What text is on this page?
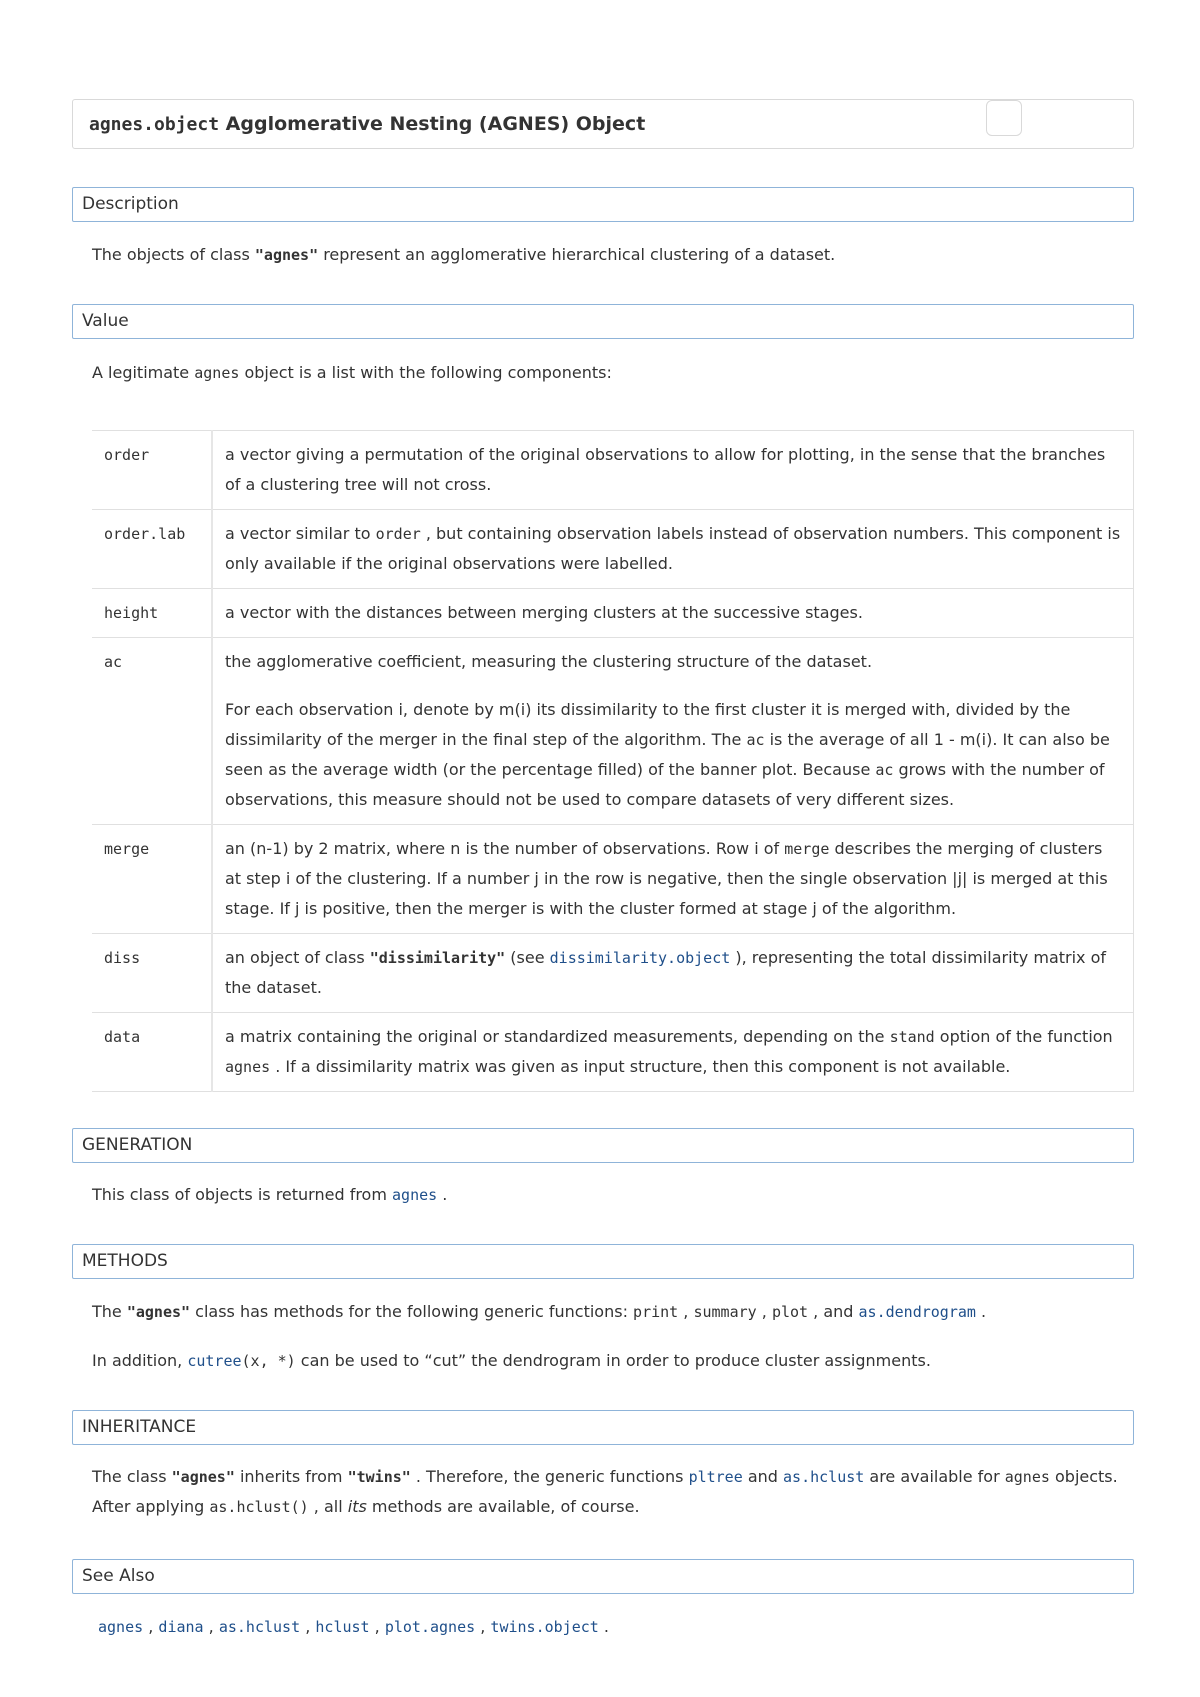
agnes.object Agglomerative Nesting (AGNES) Object
Description
The objects of class "agnes" represent an agglomerative hierarchical clustering of a dataset.
Value
A legitimate agnes object is a list with the following components:
order	a vector giving a permutation of the original observations to allow for plotting, in the sense that the branches of a clustering tree will not cross.
order.lab	a vector similar to order , but containing observation labels instead of observation numbers. This component is only available if the original observations were labelled.
height	a vector with the distances between merging clusters at the successive stages.
ac	the agglomerative coefficient, measuring the clustering structure of the dataset.

For each observation i, denote by m(i) its dissimilarity to the first cluster it is merged with, divided by the dissimilarity of the merger in the final step of the algorithm. The ac is the average of all 1 - m(i). It can also be seen as the average width (or the percentage filled) of the banner plot. Because ac grows with the number of observations, this measure should not be used to compare datasets of very different sizes.

merge	an (n-1) by 2 matrix, where n is the number of observations. Row i of merge describes the merging of clusters at step i of the clustering. If a number j in the row is negative, then the single observation |j| is merged at this stage. If j is positive, then the merger is with the cluster formed at stage j of the algorithm.
diss	an object of class "dissimilarity" (see dissimilarity.object ), representing the total dissimilarity matrix of the dataset.
data	a matrix containing the original or standardized measurements, depending on the stand option of the function agnes . If a dissimilarity matrix was given as input structure, then this component is not available.
GENERATION
This class of objects is returned from agnes .
METHODS
The "agnes" class has methods for the following generic functions: print , summary , plot , and as.dendrogram .
In addition, cutree(x, *) can be used to “cut” the dendrogram in order to produce cluster assignments.
INHERITANCE
The class "agnes" inherits from "twins" . Therefore, the generic functions pltree and as.hclust are available for agnes objects. After applying as.hclust() , all its methods are available, of course.
See Also
agnes , diana , as.hclust , hclust , plot.agnes , twins.object .
